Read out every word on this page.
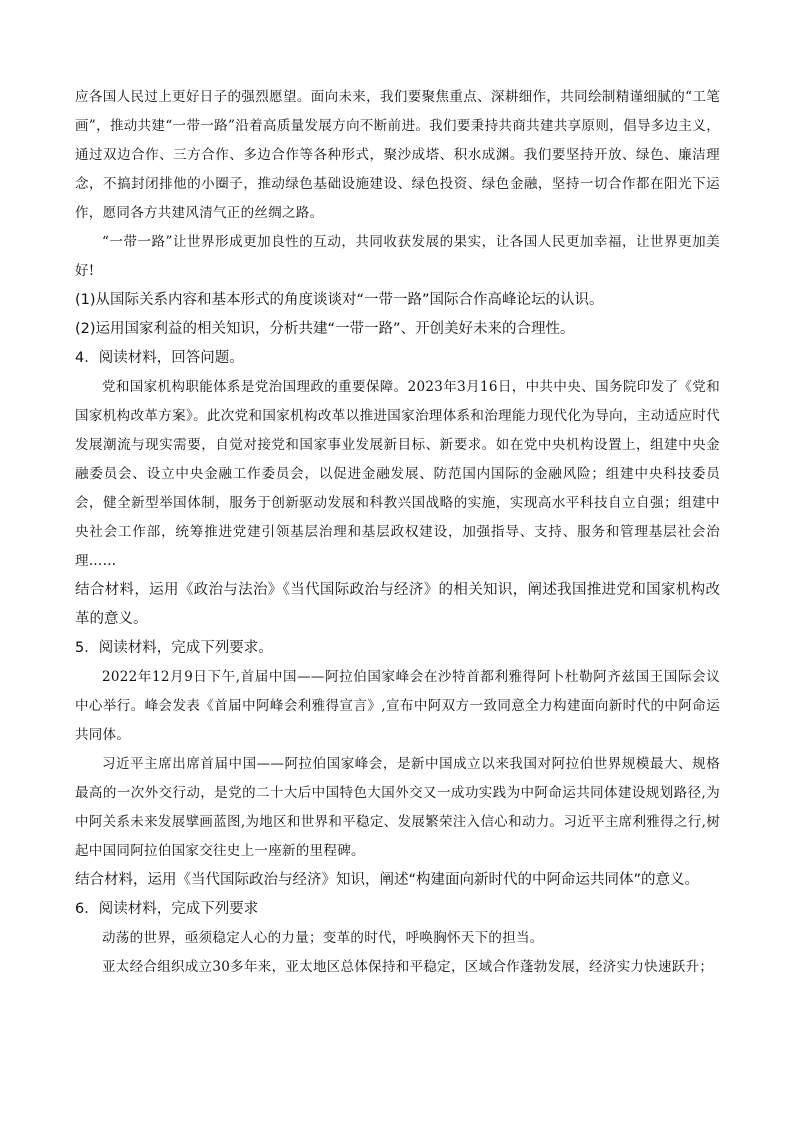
应各国人民过上更好日子的强烈愿望。面向未来，我们要聚焦重点、深耕细作，共同绘制精谨细腻的“工笔画”，推动共建“一带一路”沿着高质量发展方向不断前进。我们要秉持共商共建共享原则，倡导多边主义，通过双边合作、三方合作、多边合作等各种形式，聚沙成塔、积水成渊。我们要坚持开放、绿色、廉洁理念，不搞封闭排他的小圈子，推动绿色基础设施建设、绿色投资、绿色金融，坚持一切合作都在阳光下运作，愿同各方共建风清气正的丝绸之路。

“一带一路”让世界形成更加良性的互动，共同收获发展的果实，让各国人民更加幸福，让世界更加美好!

(1)从国际关系内容和基本形式的角度谈谈对“一带一路”国际合作高峰论坛的认识。

(2)运用国家利益的相关知识，分析共建“一带一路”、开创美好未来的合理性。

4．阅读材料，回答问题。

党和国家机构职能体系是党治国理政的重要保障。2023年3月16日，中共中央、国务院印发了《党和国家机构改革方案》。此次党和国家机构改革以推进国家治理体系和治理能力现代化为导向，主动适应时代发展潮流与现实需要，自觉对接党和国家事业发展新目标、新要求。如在党中央机构设置上，组建中央金融委员会、设立中央金融工作委员会，以促进金融发展、防范国内国际的金融风险；组建中央科技委员会，健全新型举国体制，服务于创新驱动发展和科教兴国战略的实施，实现高水平科技自立自强；组建中央社会工作部，统筹推进党建引领基层治理和基层政权建设，加强指导、支持、服务和管理基层社会治理……

结合材料，运用《政治与法治》《当代国际政治与经济》的相关知识，阐述我国推进党和国家机构改革的意义。

5．阅读材料，完成下列要求。

2022年12月9日下午,首届中国——阿拉伯国家峰会在沙特首都利雅得阿卜杜勒阿齐兹国王国际会议中心举行。峰会发表《首届中阿峰会利雅得宣言》,宣布中阿双方一致同意全力构建面向新时代的中阿命运共同体。

习近平主席出席首届中国——阿拉伯国家峰会，是新中国成立以来我国对阿拉伯世界规模最大、规格最高的一次外交行动，是党的二十大后中国特色大国外交又一成功实践为中阿命运共同体建设规划路径,为中阿关系未来发展擘画蓝图,为地区和世界和平稳定、发展繁荣注入信心和动力。习近平主席利雅得之行,树起中国同阿拉伯国家交往史上一座新的里程碑。

结合材料，运用《当代国际政治与经济》知识，阐述“构建面向新时代的中阿命运共同体”的意义。

6．阅读材料，完成下列要求

动荡的世界，亟须稳定人心的力量；变革的时代，呼唤胸怀天下的担当。

亚太经合组织成立30多年来，亚太地区总体保持和平稳定，区域合作蓬勃发展，经济实力快速跃升；
